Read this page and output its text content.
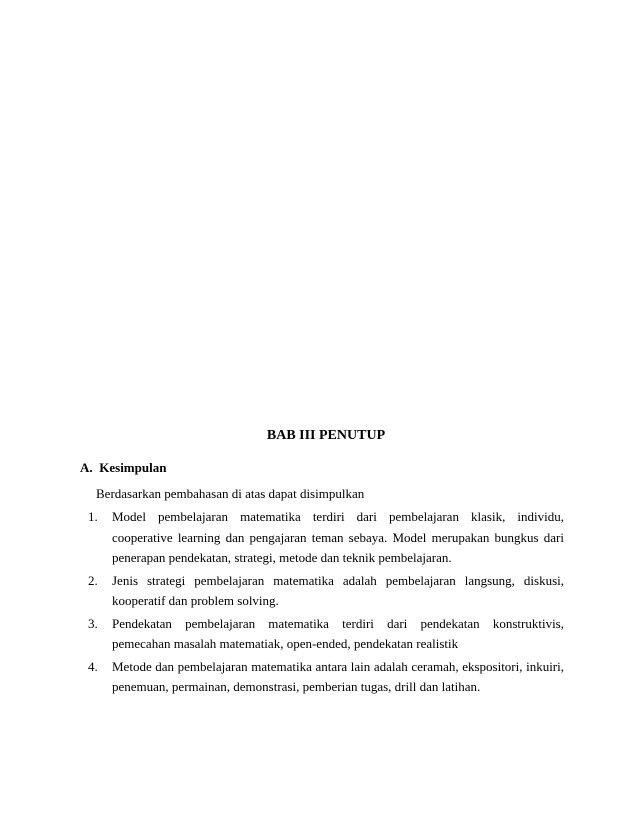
BAB III PENUTUP
A. Kesimpulan
Berdasarkan pembahasan di atas dapat disimpulkan
1. Model pembelajaran matematika terdiri dari pembelajaran klasik, individu, cooperative learning dan pengajaran teman sebaya. Model merupakan bungkus dari penerapan pendekatan, strategi, metode dan teknik pembelajaran.
2. Jenis strategi pembelajaran matematika adalah pembelajaran langsung, diskusi, kooperatif dan problem solving.
3. Pendekatan pembelajaran matematika terdiri dari pendekatan konstruktivis, pemecahan masalah matematiak, open-ended, pendekatan realistik
4. Metode dan pembelajaran matematika antara lain adalah ceramah, ekspositori, inkuiri, penemuan, permainan, demonstrasi, pemberian tugas, drill dan latihan.
